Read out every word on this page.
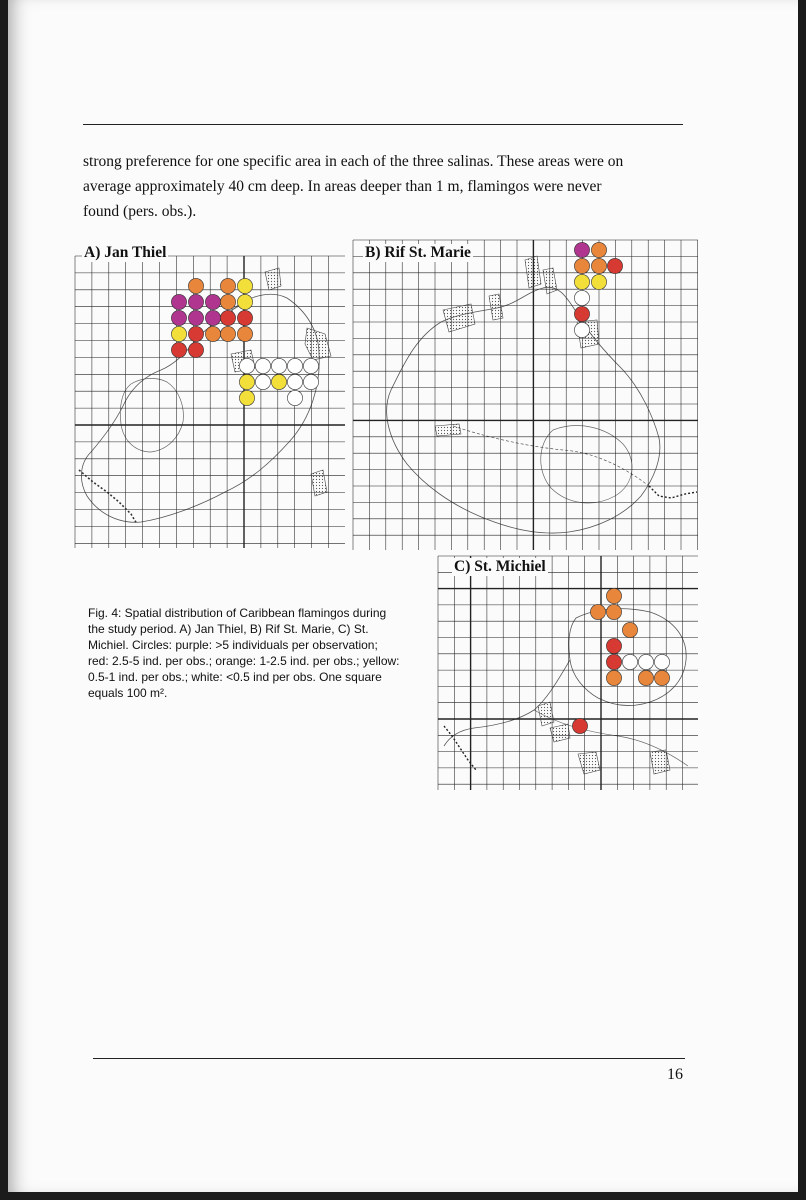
strong preference for one specific area in each of the three salinas. These areas were on
average approximately 40 cm deep. In areas deeper than 1 m, flamingos were never
found (pers. obs.).
A) Jan Thiel	B) Rif St. Marie
C) St. Michiel
Fig. 4: Spatial distribution of Caribbean flamingos during
the study period. A) Jan Thiel, B) Rif St. Marie, C) St.
Michiel. Circles: purple: >5 individuals per observation;
red: 2.5-5 ind. per obs.; orange: 1-2.5 ind. per obs.; yellow:
0.5-1 ind. per obs.; white: <0.5 ind per obs. One square
equals 100 m².
16
